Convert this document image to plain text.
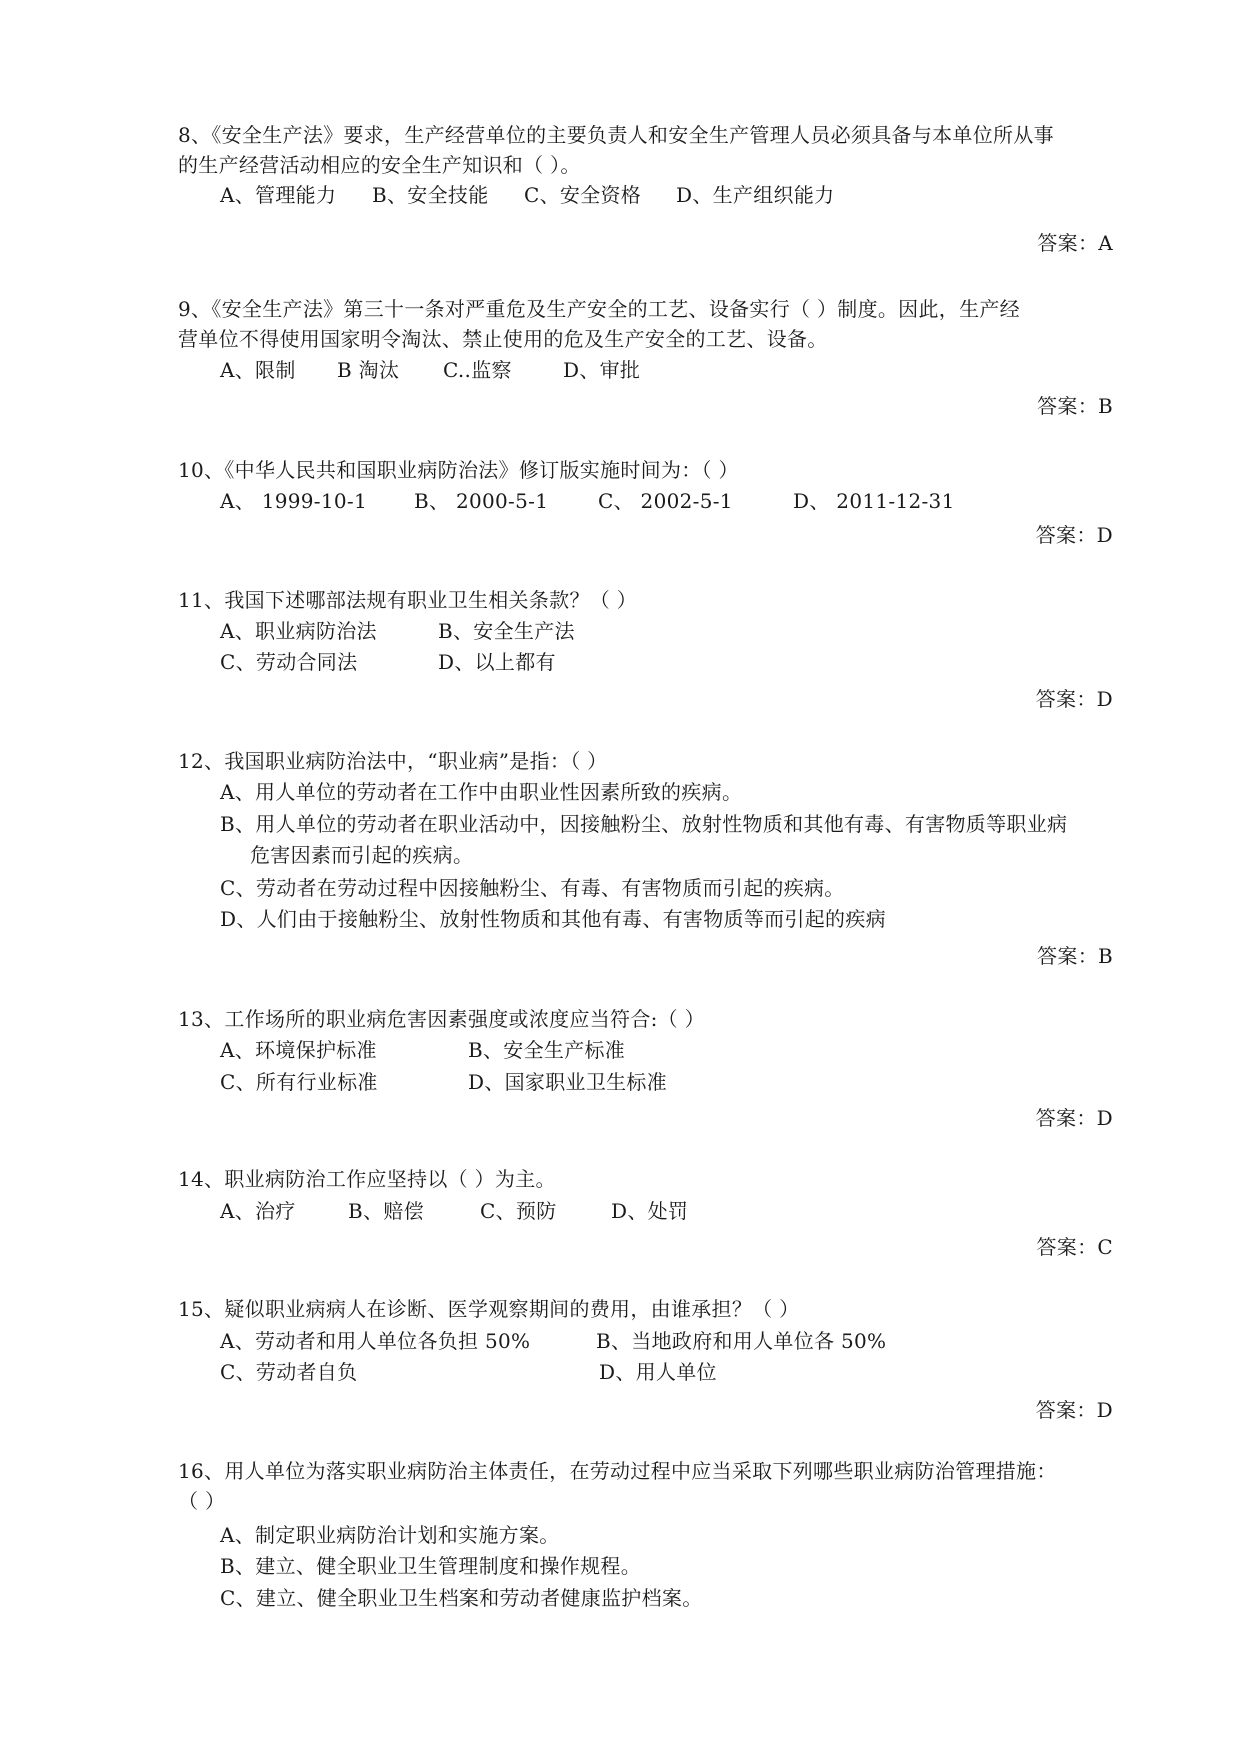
8、《安全生产法》要求，生产经营单位的主要负责人和安全生产管理人员必须具备与本单位所从事
的生产经营活动相应的安全生产知识和（ ）。
A、管理能力 B、安全技能 C、安全资格 D、生产组织能力
答案：A
9、《安全生产法》第三十一条对严重危及生产安全的工艺、设备实行（ ）制度。因此，生产经
营单位不得使用国家明令淘汰、禁止使用的危及生产安全的工艺、设备。
A、限制 B 淘汰 C..监察	D、审批
答案：B
10、《中华人民共和国职业病防治法》修订版实施时间为：（ ）
A、 1999-10-1 B、 2000-5-1 C、 2002-5-1	D、 2011-12-31
答案：D
11、我国下述哪部法规有职业卫生相关条款？（ ）
A、职业病防治法	B、安全生产法
C、劳动合同法	D、以上都有
答案：D
12、我国职业病防治法中，“职业病”是指：（ ）
A、用人单位的劳动者在工作中由职业性因素所致的疾病。
B、用人单位的劳动者在职业活动中，因接触粉尘、放射性物质和其他有毒、有害物质等职业病
危害因素而引起的疾病。
C、劳动者在劳动过程中因接触粉尘、有毒、有害物质而引起的疾病。
D、人们由于接触粉尘、放射性物质和其他有毒、有害物质等而引起的疾病
答案：B
13、工作场所的职业病危害因素强度或浓度应当符合:（ ）
A、环境保护标准	B、安全生产标准
C、所有行业标准	D、国家职业卫生标准
答案：D
14、职业病防治工作应坚持以（ ）为主。
A、治疗	B、赔偿	C、预防	D、处罚
答案：C
15、疑似职业病病人在诊断、医学观察期间的费用，由谁承担？（ ）
A、劳动者和用人单位各负担 50%	B、当地政府和用人单位各 50%
C、劳动者自负	D、用人单位
答案：D
16、用人单位为落实职业病防治主体责任，在劳动过程中应当采取下列哪些职业病防治管理措施：
（ ）
A、制定职业病防治计划和实施方案。
B、建立、健全职业卫生管理制度和操作规程。
C、建立、健全职业卫生档案和劳动者健康监护档案。
